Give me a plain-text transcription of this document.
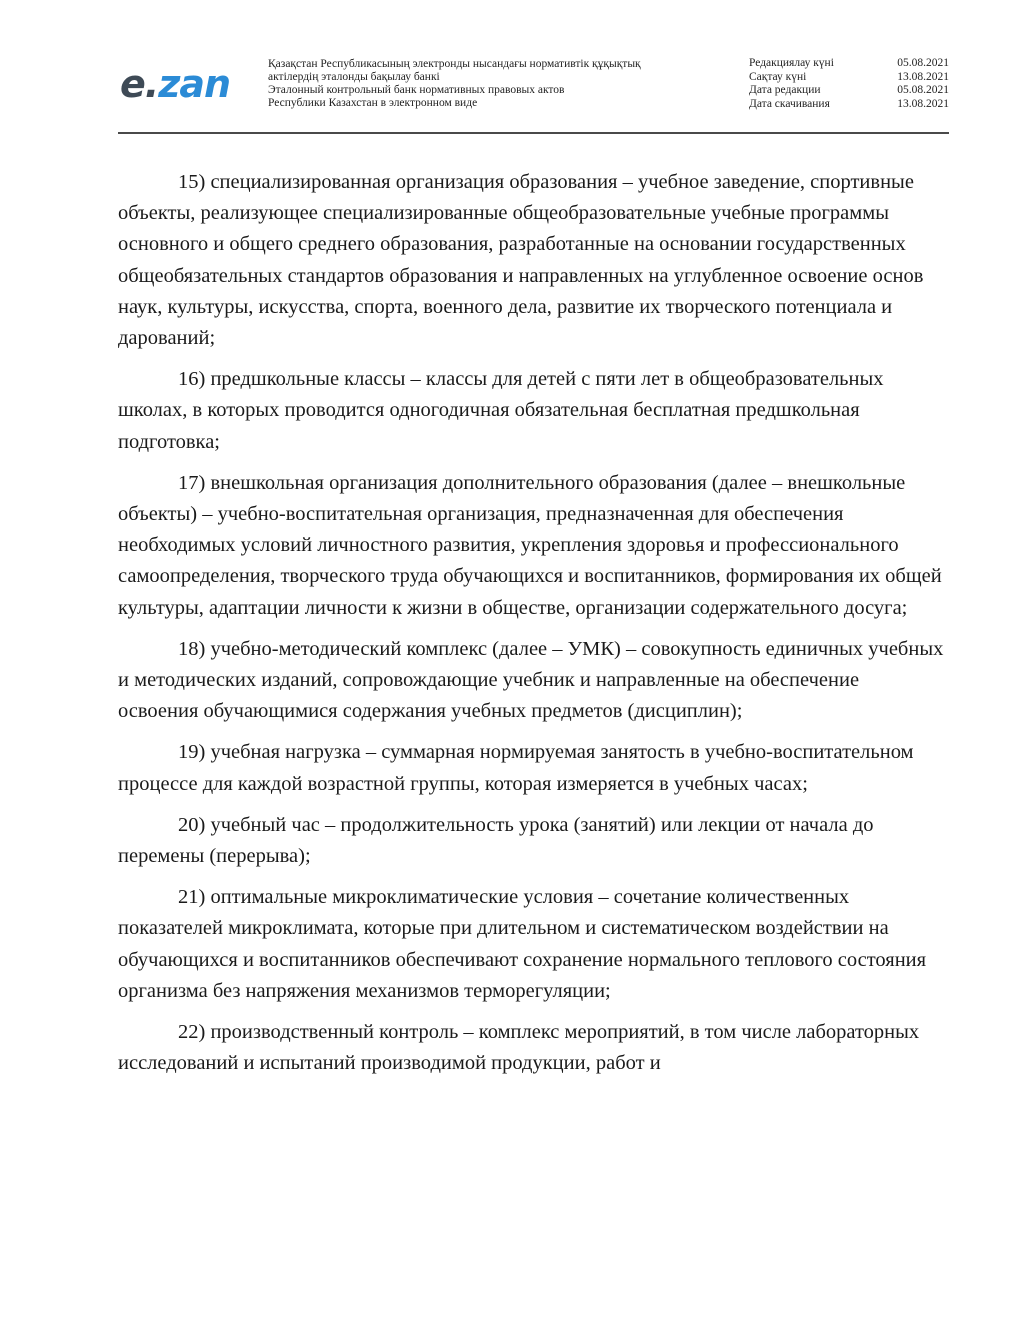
e.zan	Қазақстан Республикасының электронды нысандағы нормативтік құқықтық
актілердің эталонды бақылау банкі
Эталонный контрольный банк нормативных правовых актов
Республики Казахстан в электронном виде
Редакциялау күні	05.08.2021
Сақтау күні	13.08.2021
Дата редакции	05.08.2021
Дата скачивания	13.08.2021

15) специализированная организация образования – учебное заведение, спортивные объекты, реализующее специализированные общеобразовательные учебные программы основного и общего среднего образования, разработанные на основании государственных общеобязательных стандартов образования и направленных на углубленное освоение основ наук, культуры, искусства, спорта, военного дела, развитие их творческого потенциала и дарований;

16) предшкольные классы – классы для детей с пяти лет в общеобразовательных школах, в которых проводится одногодичная обязательная бесплатная предшкольная подготовка;

17) внешкольная организация дополнительного образования (далее – внешкольные объекты) – учебно-воспитательная организация, предназначенная для обеспечения необходимых условий личностного развития, укрепления здоровья и профессионального самоопределения, творческого труда обучающихся и воспитанников, формирования их общей культуры, адаптации личности к жизни в обществе, организации содержательного досуга;

18) учебно-методический комплекс (далее – УМК) – совокупность единичных учебных и методических изданий, сопровождающие учебник и направленные на обеспечение освоения обучающимися содержания учебных предметов (дисциплин);

19) учебная нагрузка – суммарная нормируемая занятость в учебно-воспитательном процессе для каждой возрастной группы, которая измеряется в учебных часах;

20) учебный час – продолжительность урока (занятий) или лекции от начала до перемены (перерыва);

21) оптимальные микроклиматические условия – сочетание количественных показателей микроклимата, которые при длительном и систематическом воздействии на обучающихся и воспитанников обеспечивают сохранение нормального теплового состояния организма без напряжения механизмов терморегуляции;

22) производственный контроль – комплекс мероприятий, в том числе лабораторных исследований и испытаний производимой продукции, работ и
